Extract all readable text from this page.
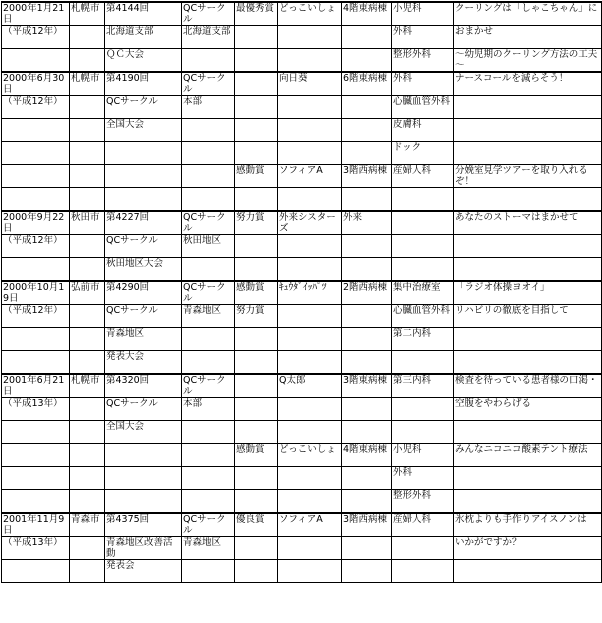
2000年1月21日	札幌市	第4144回	QCサークル	最優秀賞	どっこいしょ	4階東病棟	小児科	クーリングは「しゃこちゃん」に
（平成12年）		北海道支部	北海道支部				外科	おまかせ
		ＱＣ大会					整形外科	～幼児期のクーリング方法の工夫～
2000年6月30日	札幌市	第4190回	QCサークル		向日葵	6階東病棟	外科	ナースコールを減らそう！
（平成12年）		QCサークル	本部				心臓血管外科	
		全国大会					皮膚科	
							ドック	
				感動賞	ソフィアA	3階西病棟	産婦人科	分娩室見学ツアーを取り入れるぞ！

2000年9月22日	秋田市	第4227回	QCサークル	努力賞	外来シスターズ	外来		あなたのストーマはまかせて
（平成12年）		QCサークル	秋田地区					
		秋田地区大会						
2000年10月19日	弘前市	第4290回	QCサークル	感動賞	ｷｭｳﾀﾞｲｯﾊﾟﾂ	2階西病棟	集中治療室	「ラジオ体操ヨオイ」
（平成12年）		QCサークル	青森地区	努力賞			心臓血管外科	リハビリの徹底を目指して
		青森地区					第二内科	
		発表大会						
2001年6月21日	札幌市	第4320回	QCサークル		Q太郎	3階東病棟	第三内科	検査を待っている患者様の口渇・
（平成13年）		QCサークル	本部					空腹をやわらげる
		全国大会						
				感動賞	どっこいしょ	4階東病棟	小児科	みんなニコニコ酸素テント療法
							外科	
							整形外科	
2001年11月9日	青森市	第4375回	QCサークル	優良賞	ソフィアA	3階西病棟	産婦人科	氷枕よりも手作りアイスノンは
（平成13年）		青森地区改善活動	青森地区					いかがですか？
		発表会						
